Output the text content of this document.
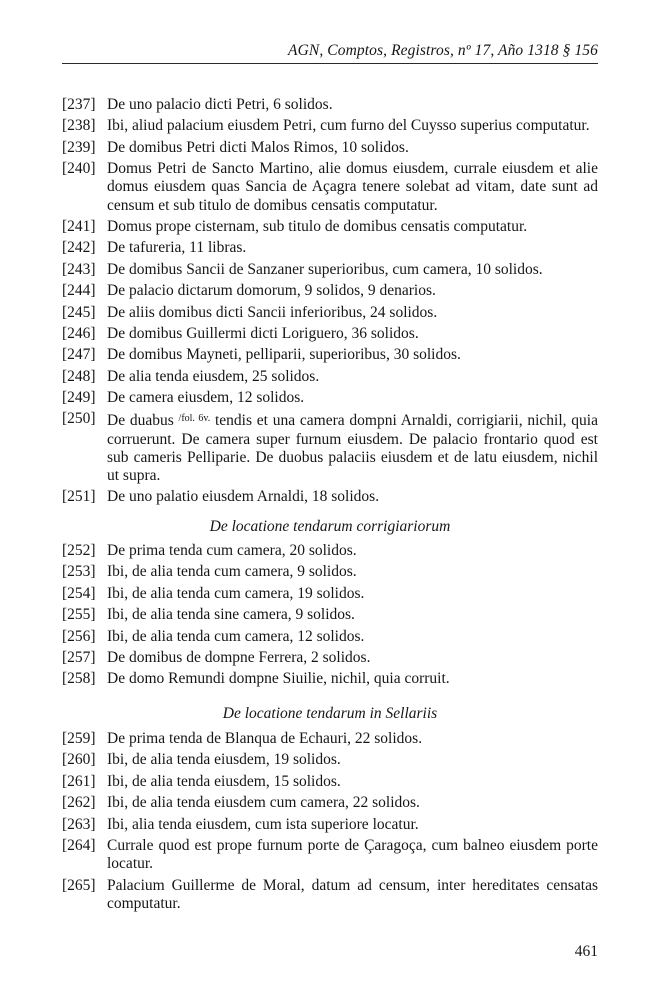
AGN, Comptos, Registros, nº 17, Año 1318 § 156
[237] De uno palacio dicti Petri, 6 solidos.
[238] Ibi, aliud palacium eiusdem Petri, cum furno del Cuysso superius computatur.
[239] De domibus Petri dicti Malos Rimos, 10 solidos.
[240] Domus Petri de Sancto Martino, alie domus eiusdem, currale eiusdem et alie domus eiusdem quas Sancia de Açagra tenere solebat ad vitam, date sunt ad censum et sub titulo de domibus censatis computatur.
[241] Domus prope cisternam, sub titulo de domibus censatis computatur.
[242] De tafureria, 11 libras.
[243] De domibus Sancii de Sanzaner superioribus, cum camera, 10 solidos.
[244] De palacio dictarum domorum, 9 solidos, 9 denarios.
[245] De aliis domibus dicti Sancii inferioribus, 24 solidos.
[246] De domibus Guillermi dicti Loriguero, 36 solidos.
[247] De domibus Mayneti, pelliparii, superioribus, 30 solidos.
[248] De alia tenda eiusdem, 25 solidos.
[249] De camera eiusdem, 12 solidos.
[250] De duabus $^{/fol. 6v.}$ tendis et una camera dompni Arnaldi, corrigiarii, nichil, quia corruerunt. De camera super furnum eiusdem. De palacio frontario quod est sub cameris Pelliparie. De duobus palaciis eiusdem et de latu eiusdem, nichil ut supra.
[251] De uno palatio eiusdem Arnaldi, 18 solidos.
De locatione tendarum corrigiariorum
[252] De prima tenda cum camera, 20 solidos.
[253] Ibi, de alia tenda cum camera, 9 solidos.
[254] Ibi, de alia tenda cum camera, 19 solidos.
[255] Ibi, de alia tenda sine camera, 9 solidos.
[256] Ibi, de alia tenda cum camera, 12 solidos.
[257] De domibus de dompne Ferrera, 2 solidos.
[258] De domo Remundi dompne Siuilie, nichil, quia corruit.
De locatione tendarum in Sellariis
[259] De prima tenda de Blanqua de Echauri, 22 solidos.
[260] Ibi, de alia tenda eiusdem, 19 solidos.
[261] Ibi, de alia tenda eiusdem, 15 solidos.
[262] Ibi, de alia tenda eiusdem cum camera, 22 solidos.
[263] Ibi, alia tenda eiusdem, cum ista superiore locatur.
[264] Currale quod est prope furnum porte de Çaragoça, cum balneo eiusdem porte locatur.
[265] Palacium Guillerme de Moral, datum ad censum, inter hereditates censatas computatur.
461
